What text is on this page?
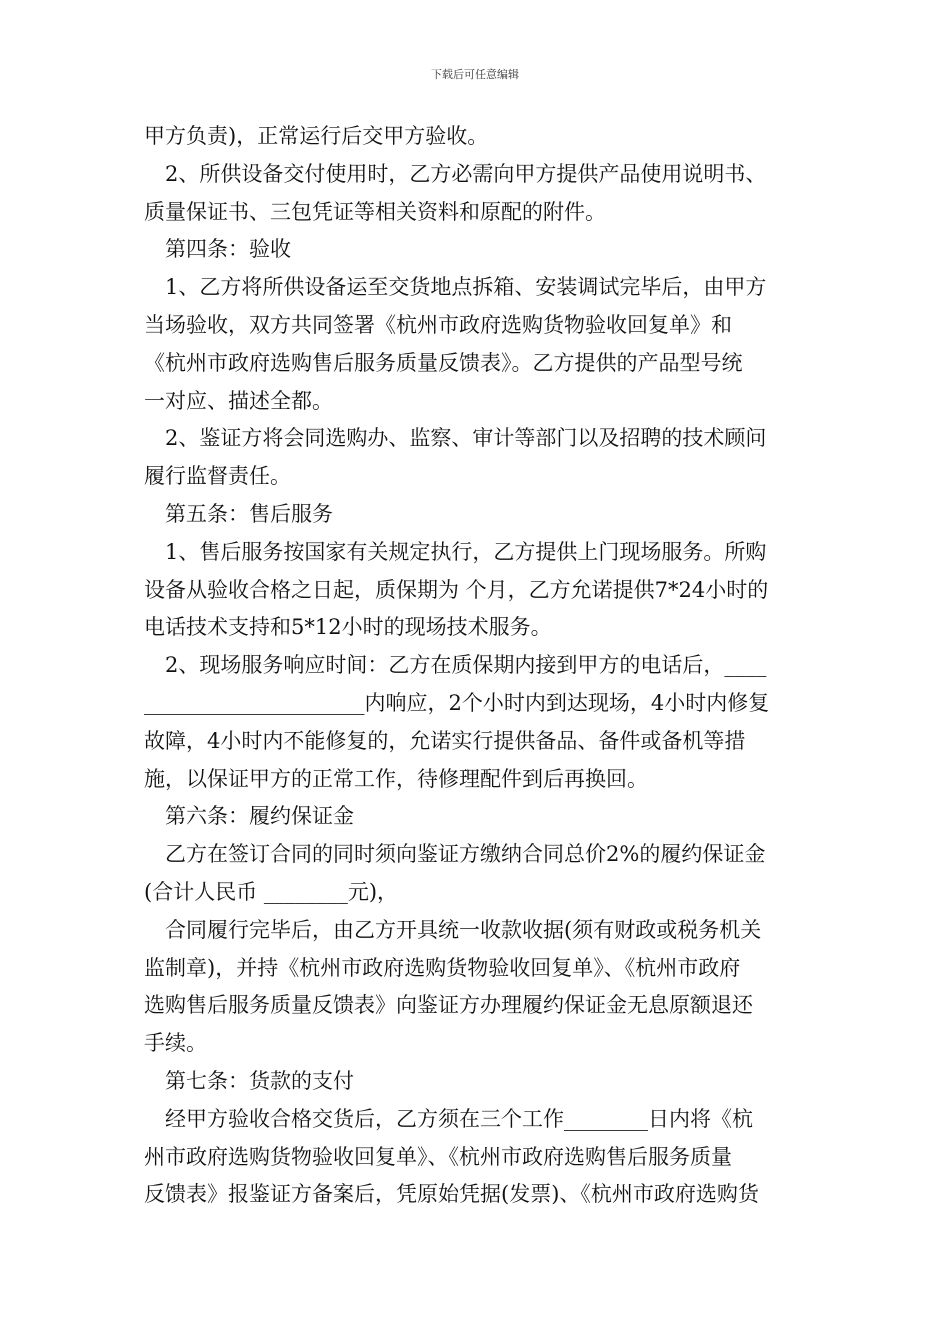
下载后可任意编辑
甲方负责)，正常运行后交甲方验收。
　2、所供设备交付使用时，乙方必需向甲方提供产品使用说明书、
质量保证书、三包凭证等相关资料和原配的附件。
　第四条：验收
　1、乙方将所供设备运至交货地点拆箱、安装调试完毕后，由甲方
当场验收，双方共同签署《杭州市政府选购货物验收回复单》和
《杭州市政府选购售后服务质量反馈表》。乙方提供的产品型号统
一对应、描述全都。
　2、鉴证方将会同选购办、监察、审计等部门以及招聘的技术顾问
履行监督责任。
　第五条：售后服务
　1、售后服务按国家有关规定执行，乙方提供上门现场服务。所购
设备从验收合格之日起，质保期为 个月，乙方允诺提供7*24小时的
电话技术支持和5*12小时的现场技术服务。
　2、现场服务响应时间：乙方在质保期内接到甲方的电话后，____
_____________________内响应，2个小时内到达现场，4小时内修复
故障，4小时内不能修复的，允诺实行提供备品、备件或备机等措
施，以保证甲方的正常工作，待修理配件到后再换回。
　第六条：履约保证金
　乙方在签订合同的同时须向鉴证方缴纳合同总价2%的履约保证金
(合计人民币 ________元)，
　合同履行完毕后，由乙方开具统一收款收据(须有财政或税务机关
监制章)，并持《杭州市政府选购货物验收回复单》、《杭州市政府
选购售后服务质量反馈表》向鉴证方办理履约保证金无息原额退还
手续。
　第七条：货款的支付
　经甲方验收合格交货后，乙方须在三个工作________日内将《杭
州市政府选购货物验收回复单》、《杭州市政府选购售后服务质量
反馈表》报鉴证方备案后，凭原始凭据(发票)、《杭州市政府选购货
